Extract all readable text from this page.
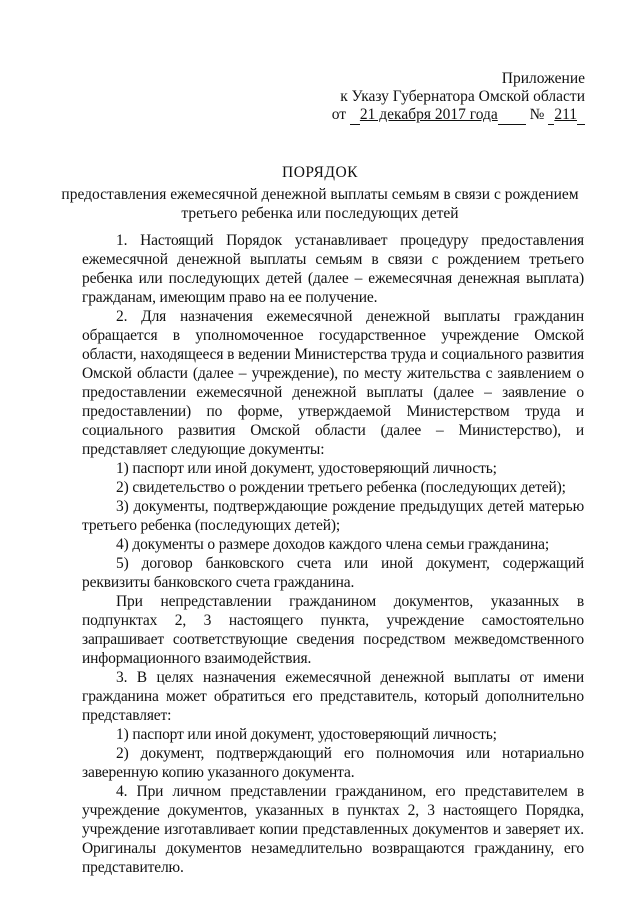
Приложение
к Указу Губернатора Омской области
от 21 декабря 2017 года № 211
ПОРЯДОК
предоставления ежемесячной денежной выплаты семьям в связи с рождением третьего ребенка или последующих детей

1. Настоящий Порядок устанавливает процедуру предоставления ежемесячной денежной выплаты семьям в связи с рождением третьего ребенка или последующих детей (далее – ежемесячная денежная выплата) гражданам, имеющим право на ее получение.

2. Для назначения ежемесячной денежной выплаты гражданин обращается в уполномоченное государственное учреждение Омской области, находящееся в ведении Министерства труда и социального развития Омской области (далее – учреждение), по месту жительства с заявлением о предоставлении ежемесячной денежной выплаты (далее – заявление о предоставлении) по форме, утверждаемой Министерством труда и социального развития Омской области (далее – Министерство), и представляет следующие документы:

1) паспорт или иной документ, удостоверяющий личность;

2) свидетельство о рождении третьего ребенка (последующих детей);

3) документы, подтверждающие рождение предыдущих детей матерью третьего ребенка (последующих детей);

4) документы о размере доходов каждого члена семьи гражданина;

5) договор банковского счета или иной документ, содержащий реквизиты банковского счета гражданина.

При непредставлении гражданином документов, указанных в подпунктах 2, 3 настоящего пункта, учреждение самостоятельно запрашивает соответствующие сведения посредством межведомственного информационного взаимодействия.

3. В целях назначения ежемесячной денежной выплаты от имени гражданина может обратиться его представитель, который дополнительно представляет:

1) паспорт или иной документ, удостоверяющий личность;

2) документ, подтверждающий его полномочия или нотариально заверенную копию указанного документа.

4. При личном представлении гражданином, его представителем в учреждение документов, указанных в пунктах 2, 3 настоящего Порядка, учреждение изготавливает копии представленных документов и заверяет их. Оригиналы документов незамедлительно возвращаются гражданину, его представителю.
